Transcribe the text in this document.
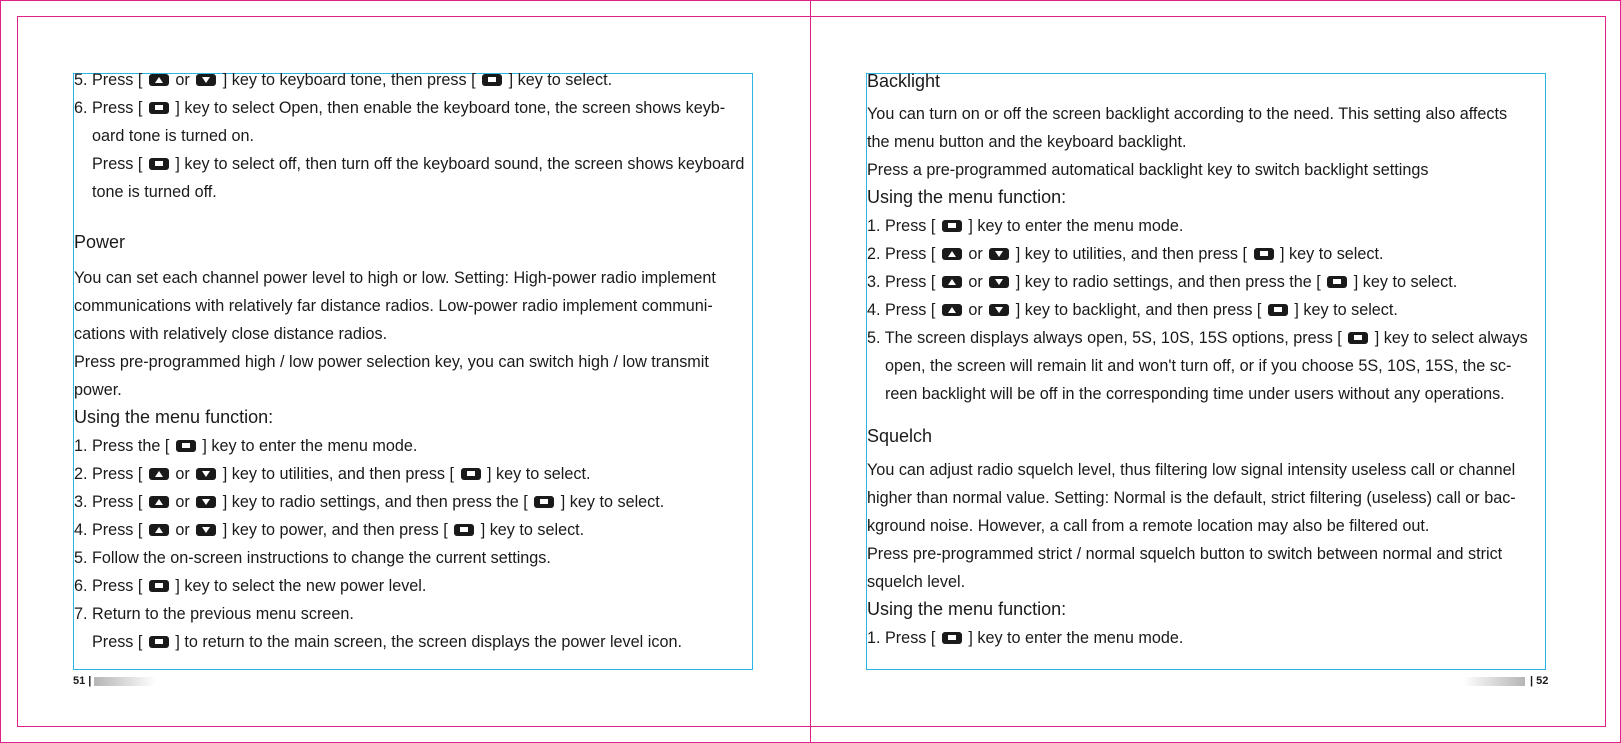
5. Press [  or  ] key to keyboard tone, then press [  ] key to select.
6. Press [  ] key to select Open, then enable the keyboard tone, the screen shows keyb-
oard tone is turned on.
Press [  ] key to select off, then turn off the keyboard sound, the screen shows keyboard
tone is turned off.
Power
You can set each channel power level to high or low. Setting: High-power radio implement
communications with relatively far distance radios. Low-power radio implement communi-
cations with relatively close distance radios.
Press pre-programmed high / low power selection key, you can switch high / low transmit
power.
Using the menu function:
1. Press the [  ] key to enter the menu mode.
2. Press [  or  ] key to utilities, and then press [  ] key to select.
3. Press [  or  ] key to radio settings, and then press the [  ] key to select.
4. Press [  or  ] key to power, and then press [  ] key to select.
5. Follow the on-screen instructions to change the current settings.
6. Press [  ] key to select the new power level.
7. Return to the previous menu screen.
Press [  ] to return to the main screen, the screen displays the power level icon.
Backlight
You can turn on or off the screen backlight according to the need. This setting also affects
the menu button and the keyboard backlight.
Press a pre-programmed automatical backlight key to switch backlight settings
Using the menu function:
1. Press [  ] key to enter the menu mode.
2. Press [  or  ] key to utilities, and then press [  ] key to select.
3. Press [  or  ] key to radio settings, and then press the [  ] key to select.
4. Press [  or  ] key to backlight, and then press [  ] key to select.
5. The screen displays always open, 5S, 10S, 15S options, press [  ] key to select always
open, the screen will remain lit and won't turn off, or if you choose 5S, 10S, 15S, the sc-
reen backlight will be off in the corresponding time under users without any operations.
Squelch
You can adjust radio squelch level, thus filtering low signal intensity useless call or channel
higher than normal value. Setting: Normal is the default, strict filtering (useless) call or bac-
kground noise. However, a call from a remote location may also be filtered out.
Press pre-programmed strict / normal squelch button to switch between normal and strict
squelch level.
Using the menu function:
1. Press [  ] key to enter the menu mode.
51 |	| 52
